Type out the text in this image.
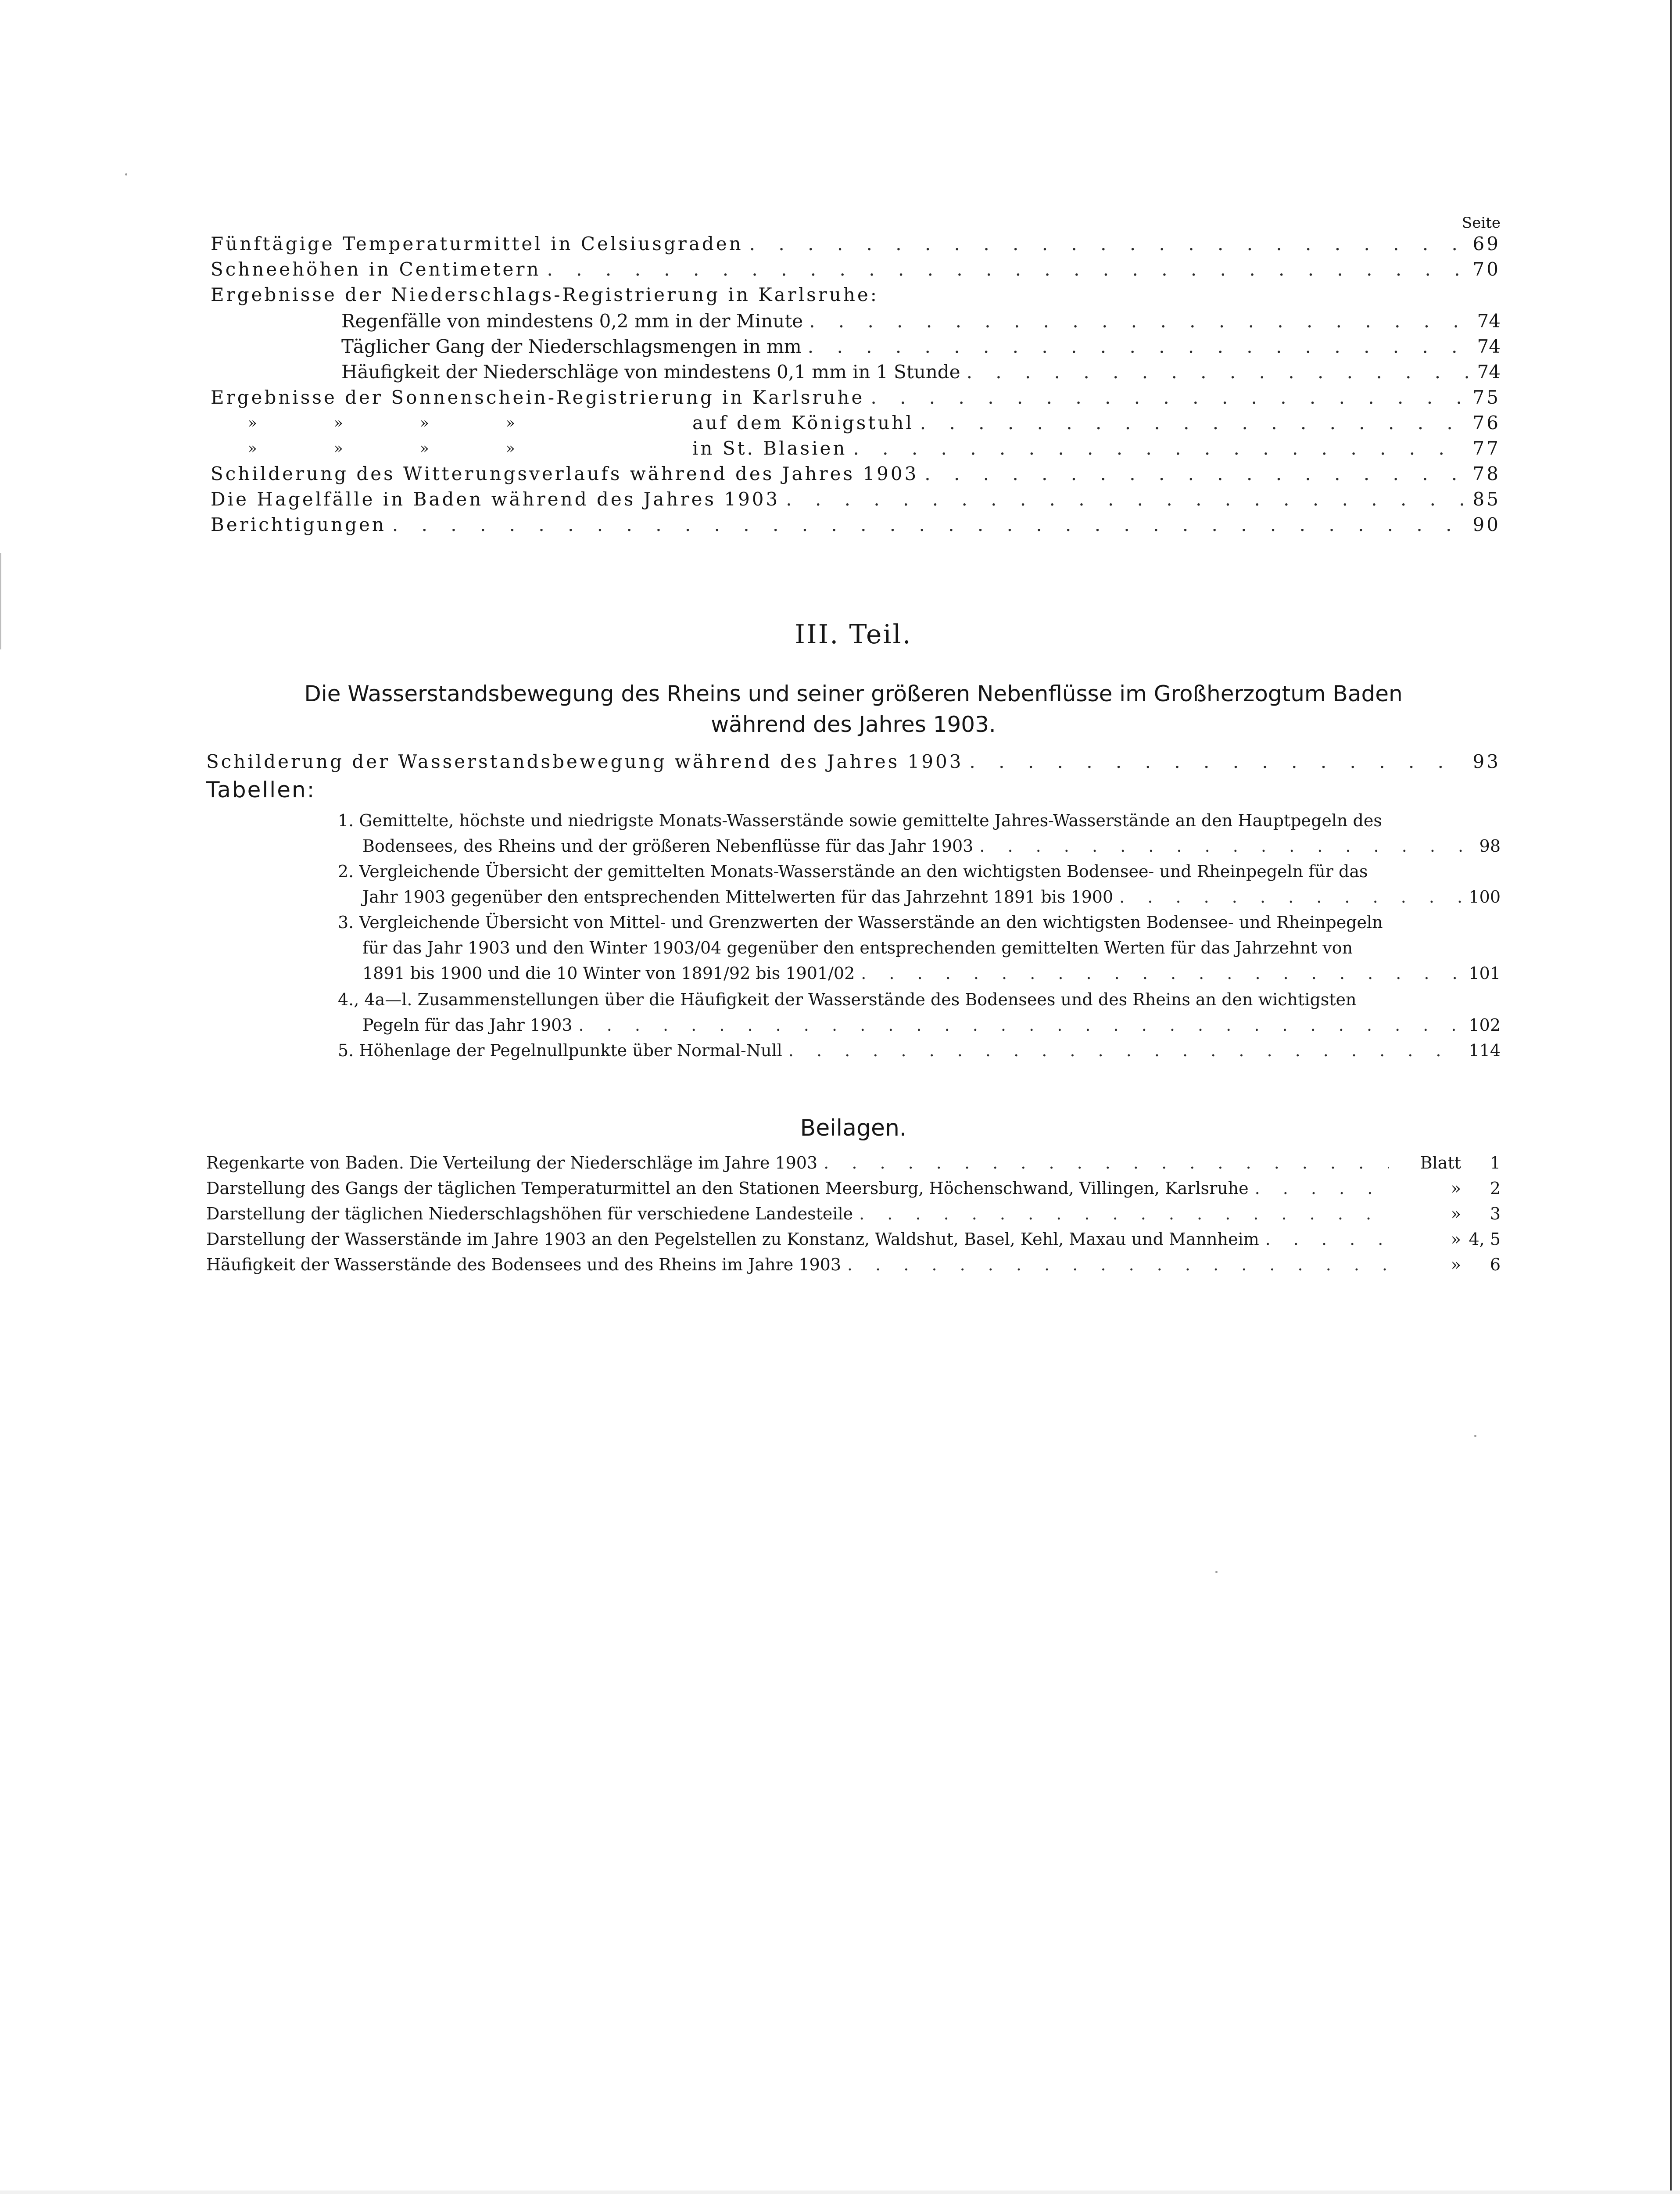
Seite
Fünftägige Temperaturmittel in Celsiusgraden . . .	69
Schneehöhen in Centimetern . . .	70
Ergebnisse der Niederschlags-Registrierung in Karlsruhe:
Regenfälle von mindestens 0,2 mm in der Minute . . .	74
Täglicher Gang der Niederschlagsmengen in mm . . .	74
Häufigkeit der Niederschläge von mindestens 0,1 mm in 1 Stunde . . .	74
Ergebnisse der Sonnenschein-Registrierung in Karlsruhe . . .	75
»	»	»	»	auf dem Königstuhl . . .	76
»	»	»	»	in St. Blasien . . .	77
Schilderung des Witterungsverlaufs während des Jahres 1903 . . .	78
Die Hagelfälle in Baden während des Jahres 1903 . . .	85
Berichtigungen . . .	90
III. Teil.
Die Wasserstandsbewegung des Rheins und seiner größeren Nebenflüsse im Großherzogtum Baden
während des Jahres 1903.
Schilderung der Wasserstandsbewegung während des Jahres 1903 . . .	93
Tabellen:
1. Gemittelte, höchste und niedrigste Monats-Wasserstände sowie gemittelte Jahres-Wasserstände an den Hauptpegeln des
Bodensees, des Rheins und der größeren Nebenflüsse für das Jahr 1903 . . .	98
2. Vergleichende Übersicht der gemittelten Monats-Wasserstände an den wichtigsten Bodensee- und Rheinpegeln für das
Jahr 1903 gegenüber den entsprechenden Mittelwerten für das Jahrzehnt 1891 bis 1900 . . .	100
3. Vergleichende Übersicht von Mittel- und Grenzwerten der Wasserstände an den wichtigsten Bodensee- und Rheinpegeln
für das Jahr 1903 und den Winter 1903/04 gegenüber den entsprechenden gemittelten Werten für das Jahrzehnt von
1891 bis 1900 und die 10 Winter von 1891/92 bis 1901/02 . . .	101
4., 4a—l. Zusammenstellungen über die Häufigkeit der Wasserstände des Bodensees und des Rheins an den wichtigsten
Pegeln für das Jahr 1903 . . .	102
5. Höhenlage der Pegelnullpunkte über Normal-Null . . .	114
Beilagen.
Regenkarte von Baden. Die Verteilung der Niederschläge im Jahre 1903 . . .	Blatt	1
Darstellung des Gangs der täglichen Temperaturmittel an den Stationen Meersburg, Höchenschwand, Villingen, Karlsruhe . . .	»	2
Darstellung der täglichen Niederschlagshöhen für verschiedene Landesteile . . .	»	3
Darstellung der Wasserstände im Jahre 1903 an den Pegelstellen zu Konstanz, Waldshut, Basel, Kehl, Maxau und Mannheim . . .	» 4, 5
Häufigkeit der Wasserstände des Bodensees und des Rheins im Jahre 1903 . . .	»	6
